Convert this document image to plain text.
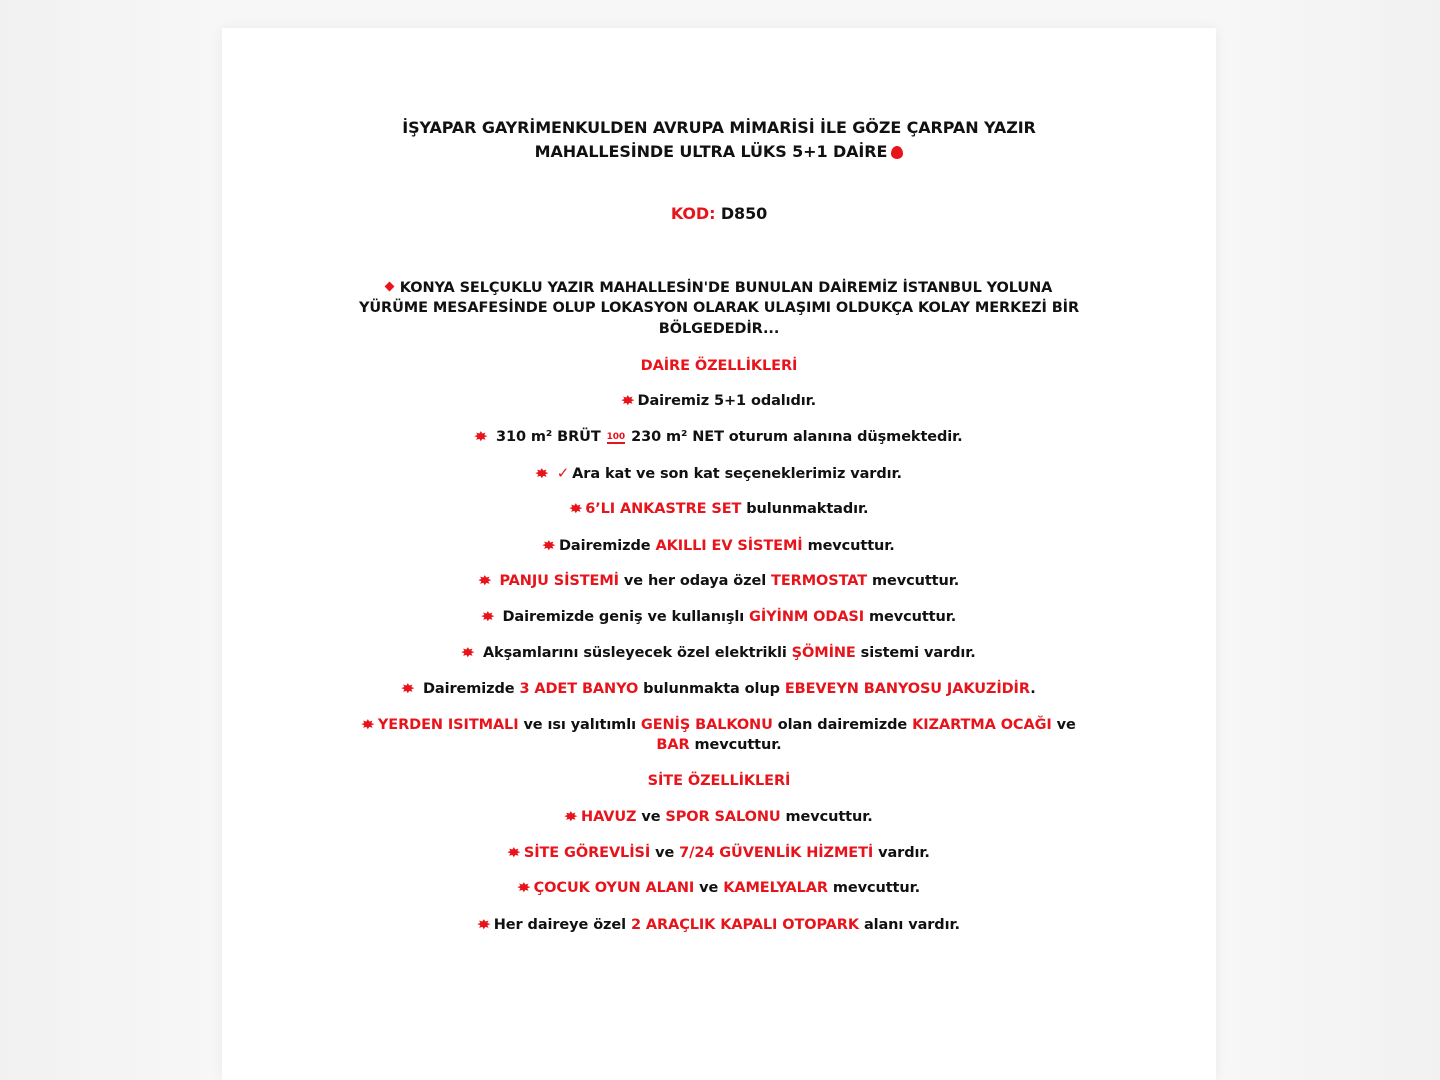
İŞYAPAR GAYRİMENKULDEN AVRUPA MİMARİSİ İLE GÖZE ÇARPAN YAZIR
MAHALLESİNDE ULTRA LÜKS 5+1 DAİRE
KOD: D850
KONYA SELÇUKLU YAZIR MAHALLESİN'DE BUNULAN DAİREMİZ İSTANBUL YOLUNA
YÜRÜME MESAFESİNDE OLUP LOKASYON OLARAK ULAŞIMI OLDUKÇA KOLAY MERKEZİ BİR
BÖLGEDEDİR...
DAİRE ÖZELLİKLERİ
✸ Dairemiz 5+1 odalıdır.
✸ 310 m² BRÜT 100 230 m² NET oturum alanına düşmektedir.
✸ ✓ Ara kat ve son kat seçeneklerimiz vardır.
✸ 6’LI ANKASTRE SET bulunmaktadır.
✸ Dairemizde AKILLI EV SİSTEMİ mevcuttur.
✸ PANJU SİSTEMİ ve her odaya özel TERMOSTAT mevcuttur.
✸ Dairemizde geniş ve kullanışlı GİYİNM ODASI mevcuttur.
✸ Akşamlarını süsleyecek özel elektrikli ŞÖMİNE sistemi vardır.
✸ Dairemizde 3 ADET BANYO bulunmakta olup EBEVEYN BANYOSU JAKUZİDİR.
✸ YERDEN ISITMALI ve ısı yalıtımlı GENİŞ BALKONU olan dairemizde KIZARTMA OCAĞI ve
BAR mevcuttur.
SİTE ÖZELLİKLERİ
✸ HAVUZ ve SPOR SALONU mevcuttur.
✸ SİTE GÖREVLİSİ ve 7/24 GÜVENLİK HİZMETİ vardır.
✸ ÇOCUK OYUN ALANI ve KAMELYALAR mevcuttur.
✸ Her daireye özel 2 ARAÇLIK KAPALI OTOPARK alanı vardır.
